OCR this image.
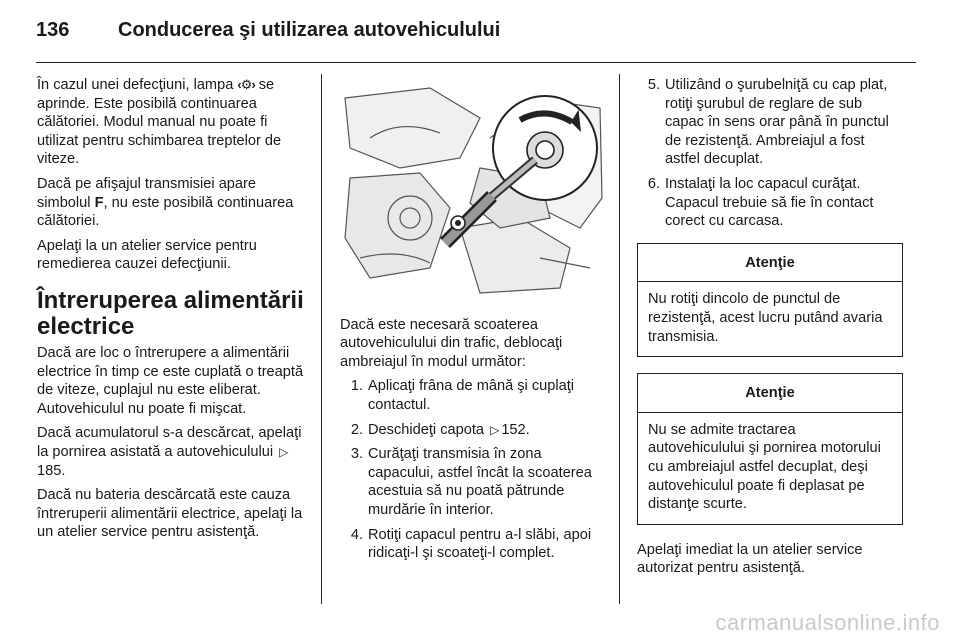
136	Conducerea şi utilizarea autovehiculului

În cazul unei defecţiuni, lampa ‹⚙› se aprinde. Este posibilă continuarea călătoriei. Modul manual nu poate fi utilizat pentru schimbarea treptelor de viteze.

Dacă pe afişajul transmisiei apare simbolul F, nu este posibilă continuarea călătoriei.

Apelaţi la un atelier service pentru remedierea cauzei defecţiunii.

Întreruperea alimentării electrice

Dacă are loc o întrerupere a alimentării electrice în timp ce este cuplată o treaptă de viteze, cuplajul nu este eliberat. Autovehiculul nu poate fi mişcat.

Dacă acumulatorul s-a descărcat, apelaţi la pornirea asistată a autovehiculului ▷185.

Dacă nu bateria descărcată este cauza întreruperii alimentării electrice, apelaţi la un atelier service pentru asistenţă.

Dacă este necesară scoaterea autovehiculului din trafic, deblocaţi ambreiajul în modul următor:

1. Aplicaţi frâna de mână şi cuplaţi contactul.
2. Deschideţi capota ▷ 152.
3. Curăţaţi transmisia în zona capacului, astfel încât la scoaterea acestuia să nu poată pătrunde murdărie în interior.
4. Rotiţi capacul pentru a-l slăbi, apoi ridicaţi-l şi scoateţi-l complet.
5. Utilizând o şurubelniţă cu cap plat, rotiţi şurubul de reglare de sub capac în sens orar până în punctul de rezistenţă. Ambreiajul a fost astfel decuplat.
6. Instalaţi la loc capacul curăţat. Capacul trebuie să fie în contact corect cu carcasa.
Atenţie
Nu rotiţi dincolo de punctul de rezistenţă, acest lucru putând avaria transmisia.
Atenţie
Nu se admite tractarea autovehiculului şi pornirea motorului cu ambreiajul astfel decuplat, deşi autovehiculul poate fi deplasat pe distanţe scurte.

Apelaţi imediat la un atelier service autorizat pentru asistenţă.

carmanualsonline.info
